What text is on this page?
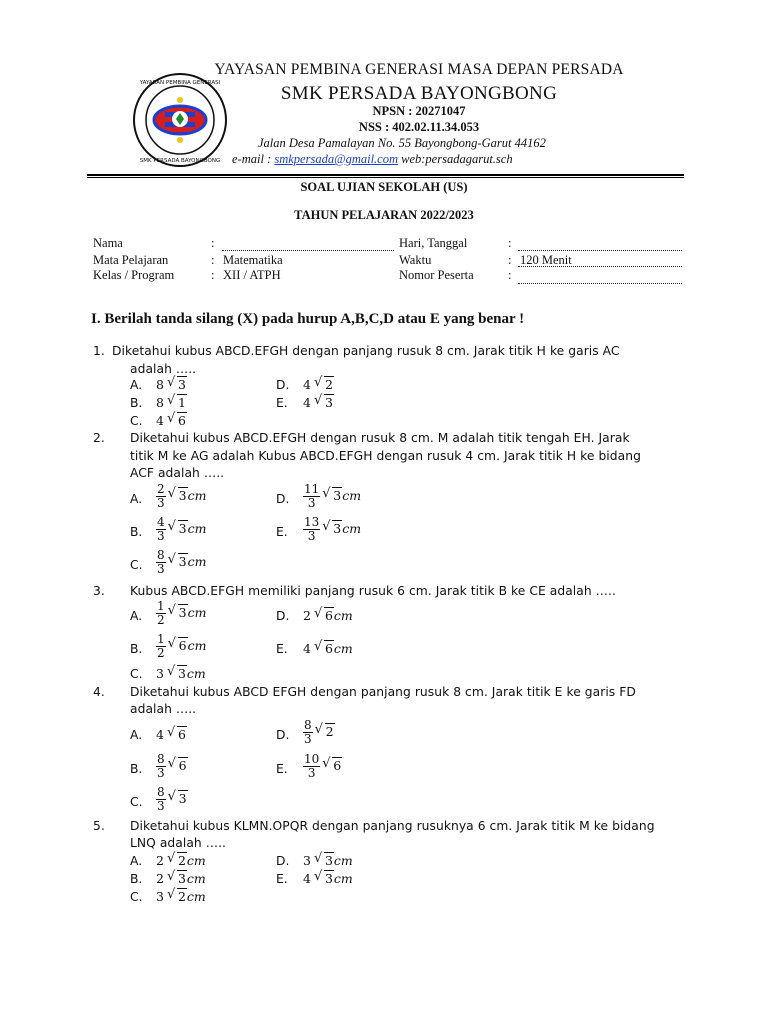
YAYASAN PEMBINA GENERASI
SMK PERSADA BAYONGBONG
YAYASAN PEMBINA GENERASI MASA DEPAN PERSADA
SMK PERSADA BAYONGBONG
NPSN : 20271047
NSS : 402.02.11.34.053
Jalan Desa Pamalayan No. 55 Bayongbong-Garut 44162
e-mail : smkpersada@gmail.com web:persadagarut.sch
SOAL UJIAN SEKOLAH (US)
TAHUN PELAJARAN 2022/2023
Nama	:
Mata Pelajaran	: Matematika
Kelas / Program	: XII / ATPH
Hari, Tanggal	:
Waktu	: 120 Menit
Nomor Peserta	:
I. Berilah tanda silang (X) pada hurup A,B,C,D atau E yang benar !
1. Diketahui kubus ABCD.EFGH dengan panjang rusuk 8 cm. Jarak titik H ke garis AC
adalah …..
A. 8 √ 3	D. 4 √ 2
B. 8 √ 1	E. 4 √ 3
C. 4 √ 6
2. Diketahui kubus ABCD.EFGH dengan rusuk 8 cm. M adalah titik tengah EH. Jarak
titik M ke AG adalah Kubus ABCD.EFGH dengan rusuk 4 cm. Jarak titik H ke bidang
ACF adalah …..
A. $\frac{2}{3}$ √ 3cm	D. $\frac{11}{3}$ √ 3cm
B. $\frac{4}{3}$ √ 3cm	E. $\frac{13}{3}$ √ 3cm
C. $\frac{8}{3}$ √ 3cm
3. Kubus ABCD.EFGH memiliki panjang rusuk 6 cm. Jarak titik B ke CE adalah …..
A. $\frac{1}{2}$ √ 3cm	D. 2 √ 6cm
B. $\frac{1}{2}$ √ 6cm	E. 4 √ 6cm
C. 3 √ 3cm
4. Diketahui kubus ABCD EFGH dengan panjang rusuk 8 cm. Jarak titik E ke garis FD
adalah …..
A. 4 √ 6	D. $\frac{8}{3}$ √ 2
B. $\frac{8}{3}$ √ 6	E. $\frac{10}{3}$ √ 6
C. $\frac{8}{3}$ √ 3
5. Diketahui kubus KLMN.OPQR dengan panjang rusuknya 6 cm. Jarak titik M ke bidang
LNQ adalah …..
A. 2 √ 2cm	D. 3 √ 3cm
B. 2 √ 3cm	E. 4 √ 3cm
C. 3 √ 2cm
